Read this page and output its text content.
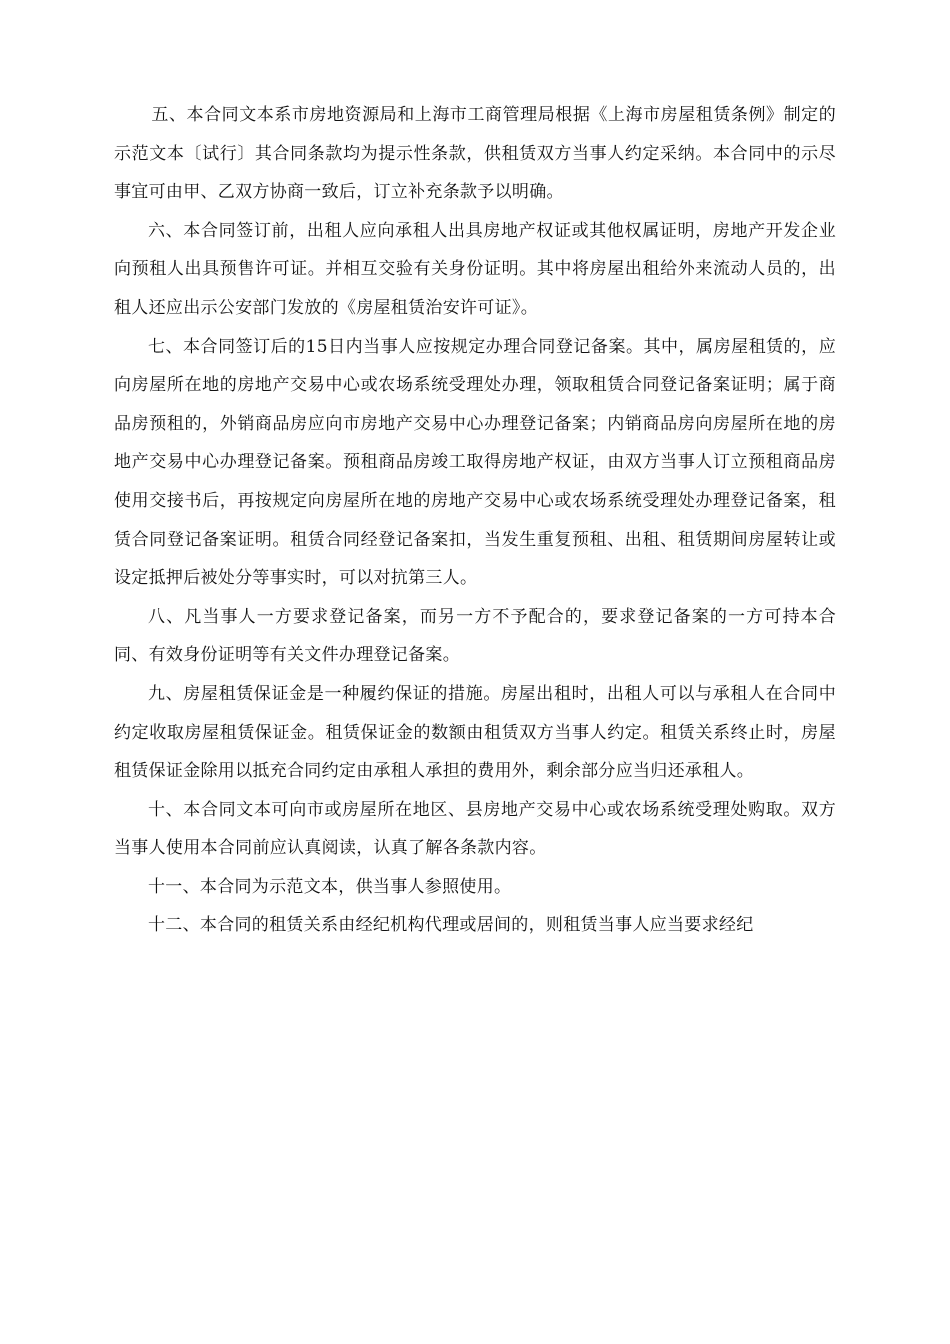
五、本合同文本系市房地资源局和上海市工商管理局根据《上海市房屋租赁条例》制定的示范文本〔试行〕其合同条款均为提示性条款，供租赁双方当事人约定采纳。本合同中的示尽事宜可由甲、乙双方协商一致后，订立补充条款予以明确。

六、本合同签订前，出租人应向承租人出具房地产权证或其他权属证明，房地产开发企业向预租人出具预售许可证。并相互交验有关身份证明。其中将房屋出租给外来流动人员的，出租人还应出示公安部门发放的《房屋租赁治安许可证》。

七、本合同签订后的15日内当事人应按规定办理合同登记备案。其中，属房屋租赁的，应向房屋所在地的房地产交易中心或农场系统受理处办理，领取租赁合同登记备案证明；属于商品房预租的，外销商品房应向市房地产交易中心办理登记备案；内销商品房向房屋所在地的房地产交易中心办理登记备案。预租商品房竣工取得房地产权证，由双方当事人订立预租商品房使用交接书后，再按规定向房屋所在地的房地产交易中心或农场系统受理处办理登记备案，租赁合同登记备案证明。租赁合同经登记备案扣，当发生重复预租、出租、租赁期间房屋转让或设定抵押后被处分等事实时，可以对抗第三人。

八、凡当事人一方要求登记备案，而另一方不予配合的，要求登记备案的一方可持本合同、有效身份证明等有关文件办理登记备案。

九、房屋租赁保证金是一种履约保证的措施。房屋出租时，出租人可以与承租人在合同中约定收取房屋租赁保证金。租赁保证金的数额由租赁双方当事人约定。租赁关系终止时，房屋租赁保证金除用以抵充合同约定由承租人承担的费用外，剩余部分应当归还承租人。

十、本合同文本可向市或房屋所在地区、县房地产交易中心或农场系统受理处购取。双方当事人使用本合同前应认真阅读，认真了解各条款内容。

十一、本合同为示范文本，供当事人参照使用。

十二、本合同的租赁关系由经纪机构代理或居间的，则租赁当事人应当要求经纪
